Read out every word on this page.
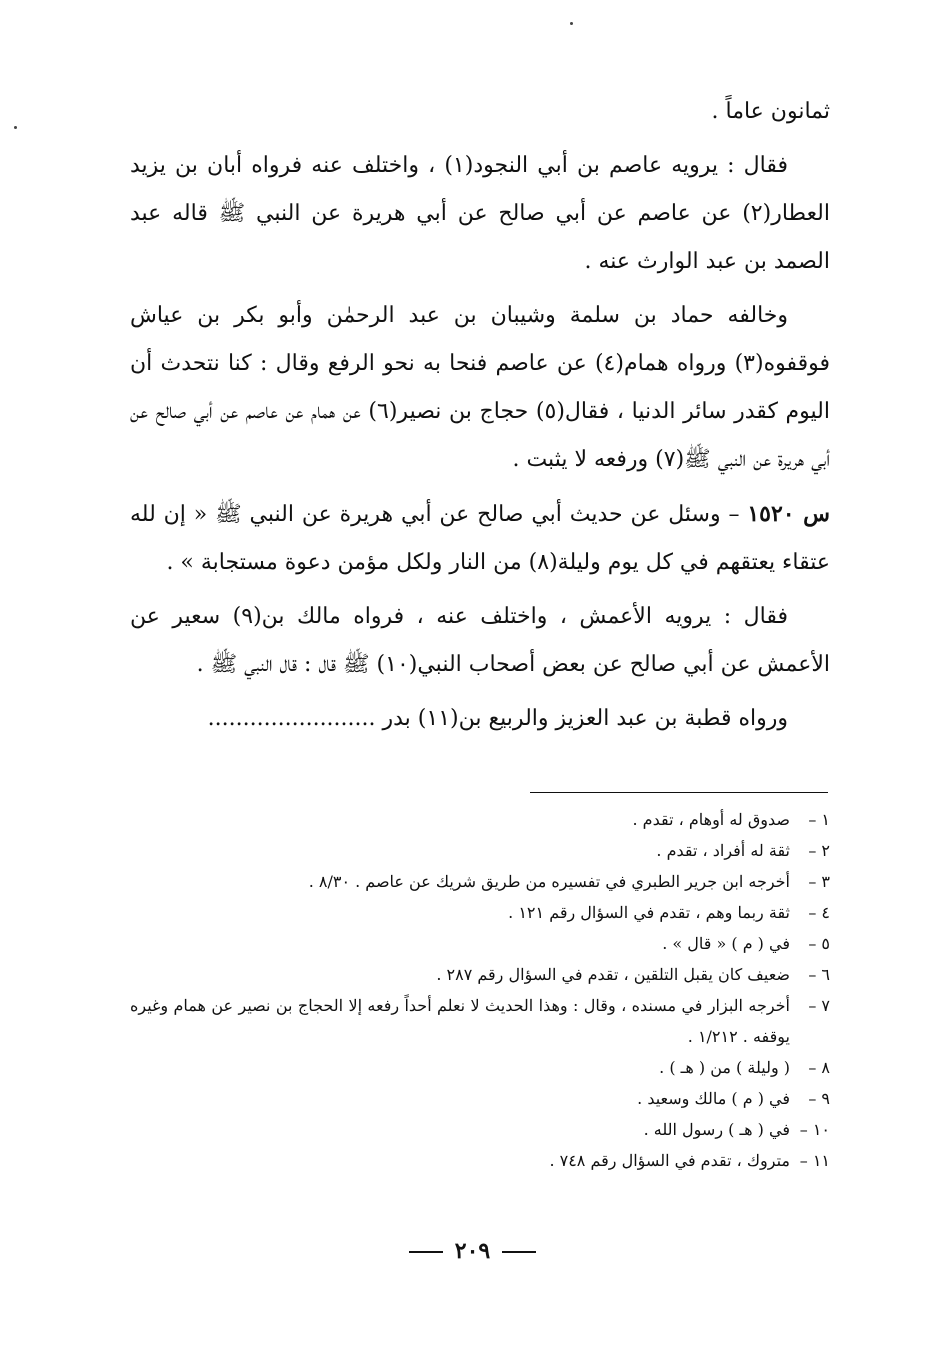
ثمانون عاماً .

فقال : يرويه عاصم بن أبي النجود(١) ، واختلف عنه فرواه أبان بن يزيد العطار(٢) عن عاصم عن أبي صالح عن أبي هريرة عن النبي ﷺ قاله عبد الصمد بن عبد الوارث عنه .

وخالفه حماد بن سلمة وشيبان بن عبد الرحمٰن وأبو بكر بن عياش فوقفوه(٣) ورواه همام(٤) عن عاصم فنحا به نحو الرفع وقال : كنا نتحدث أن اليوم كقدر سائر الدنيا ، فقال(٥) حجاج بن نصير(٦) عن همام عن عاصم عن أبي صالح عن أبي هريرة عن النبي ﷺ(٧) ورفعه لا يثبت .

س ١٥٢٠ – وسئل عن حديث أبي صالح عن أبي هريرة عن النبي ﷺ « إن لله عتقاء يعتقهم في كل يوم وليلة(٨) من النار ولكل مؤمن دعوة مستجابة » .

فقال : يرويه الأعمش ، واختلف عنه ، فرواه مالك بن(٩) سعير عن الأعمش عن أبي صالح عن بعض أصحاب النبي(١٠) ﷺ قال : قال النبي ﷺ .

ورواه قطبة بن عبد العزيز والربيع بن(١١) بدر ........................

١ –
صدوق له أوهام ، تقدم .
٢ –
ثقة له أفراد ، تقدم .
٣ –
أخرجه ابن جرير الطبري في تفسيره من طريق شريك عن عاصم . ٨/٣٠ .
٤ –
ثقة ربما وهم ، تقدم في السؤال رقم ١٢١ .
٥ –
في ( م ) « قال » .
٦ –
ضعيف كان يقبل التلقين ، تقدم في السؤال رقم ٢٨٧ .
٧ –
أخرجه البزار في مسنده ، وقال : وهذا الحديث لا نعلم أحداً رفعه إلا الحجاج بن نصير عن همام وغيره يوقفه . ١/٢١٢ .
٨ –
( وليلة ) من ( هـ ) .
٩ –
في ( م ) مالك وسعيد .
١٠ –
في ( هـ ) رسول الله .
١١ –
متروك ، تقدم في السؤال رقم ٧٤٨ .
٢٠٩
